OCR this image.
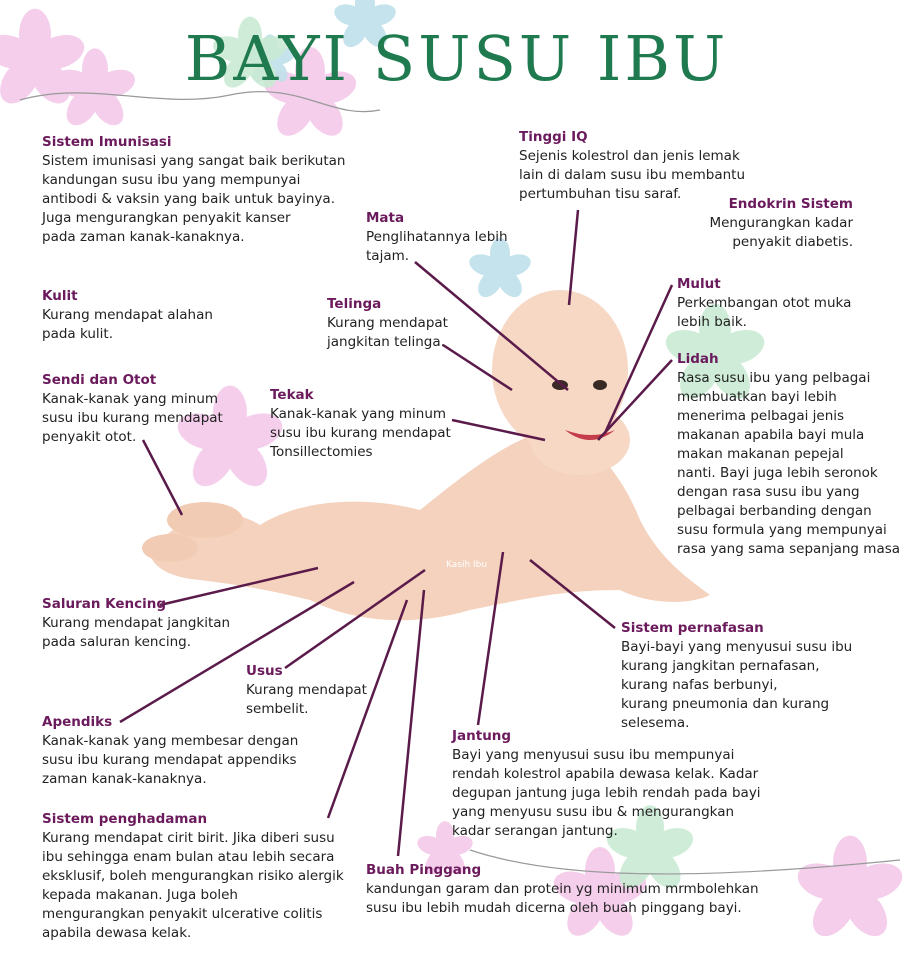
Kasih Ibu
BAYI SUSU IBU
Sistem Imunisasi
Sistem imunisasi yang sangat baik berikutan
kandungan susu ibu yang mempunyai
antibodi & vaksin yang baik untuk bayinya.
Juga mengurangkan penyakit kanser
pada zaman kanak-kanaknya.
Tinggi IQ
Sejenis kolestrol dan jenis lemak
lain di dalam susu ibu membantu
pertumbuhan tisu saraf.
Endokrin Sistem
Mengurangkan kadar
penyakit diabetis.
Mata
Penglihatannya lebih
tajam.
Kulit
Kurang mendapat alahan
pada kulit.
Telinga
Kurang mendapat
jangkitan telinga.
Mulut
Perkembangan otot muka
lebih baik.
Lidah
Rasa susu ibu yang pelbagai
membuatkan bayi lebih
menerima pelbagai jenis
makanan apabila bayi mula
makan makanan pepejal
nanti. Bayi juga lebih seronok
dengan rasa susu ibu yang
pelbagai berbanding dengan
susu formula yang mempunyai
rasa yang sama sepanjang masa
Sendi dan Otot
Kanak-kanak yang minum
susu ibu kurang mendapat
penyakit otot.
Tekak
Kanak-kanak yang minum
susu ibu kurang mendapat
Tonsillectomies
Saluran Kencing
Kurang mendapat jangkitan
pada saluran kencing.
Sistem pernafasan
Bayi-bayi yang menyusui susu ibu
kurang jangkitan pernafasan,
kurang nafas berbunyi,
kurang pneumonia dan kurang
selesema.
Usus
Kurang mendapat
sembelit.
Apendiks
Kanak-kanak yang membesar dengan
susu ibu kurang mendapat appendiks
zaman kanak-kanaknya.
Jantung
Bayi yang menyusui susu ibu mempunyai
rendah kolestrol apabila dewasa kelak. Kadar
degupan jantung juga lebih rendah pada bayi
yang menyusu susu ibu & mengurangkan
kadar serangan jantung.
Sistem penghadaman
Kurang mendapat cirit birit. Jika diberi susu
ibu sehingga enam bulan atau lebih secara
eksklusif, boleh mengurangkan risiko alergik
kepada makanan. Juga boleh
mengurangkan penyakit ulcerative colitis
apabila dewasa kelak.
Buah Pinggang
kandungan garam dan protein yg minimum mrmbolehkan
susu ibu lebih mudah dicerna oleh buah pinggang bayi.
